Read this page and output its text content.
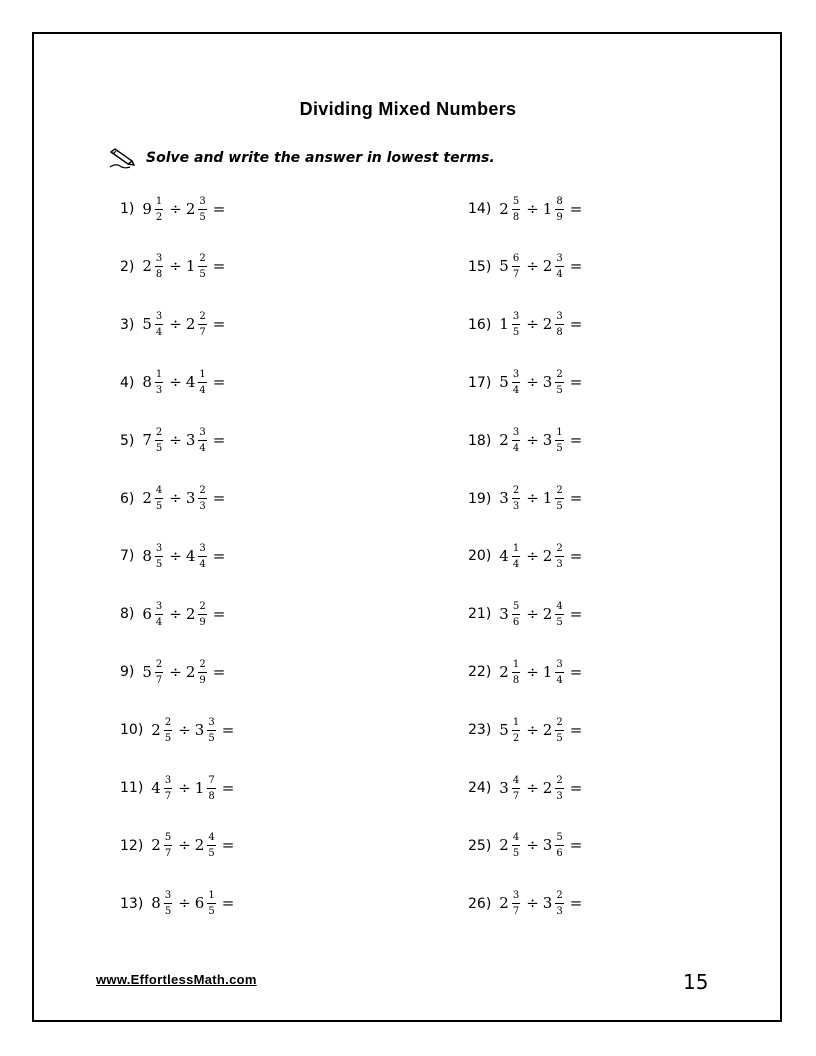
Dividing Mixed Numbers
Solve and write the answer in lowest terms.
1) $9 \frac{1}{2} \div 2 \frac{3}{5}$ =
2) $2 \frac{3}{8} \div 1 \frac{2}{5}$ =
3) $5 \frac{3}{4} \div 2 \frac{2}{7}$ =
4) $8 \frac{1}{3} \div 4 \frac{1}{4}$ =
5) $7 \frac{2}{5} \div 3 \frac{3}{4}$ =
6) $2 \frac{4}{5} \div 3 \frac{2}{3}$ =
7) $8 \frac{3}{5} \div 4 \frac{3}{4}$ =
8) $6 \frac{3}{4} \div 2 \frac{2}{9}$ =
9) $5 \frac{2}{7} \div 2 \frac{2}{9}$ =
10) $2 \frac{2}{5} \div 3 \frac{3}{5}$ =
11) $4 \frac{3}{7} \div 1 \frac{7}{8}$ =
12) $2 \frac{5}{7} \div 2 \frac{4}{5}$ =
13) $8 \frac{3}{5} \div 6 \frac{1}{5}$ =
14) $2 \frac{5}{8} \div 1 \frac{8}{9}$ =
15) $5 \frac{6}{7} \div 2 \frac{3}{4}$ =
16) $1 \frac{3}{5} \div 2 \frac{3}{8}$ =
17) $5 \frac{3}{4} \div 3 \frac{2}{5}$ =
18) $2 \frac{3}{4} \div 3 \frac{1}{5}$ =
19) $3 \frac{2}{3} \div 1 \frac{2}{5}$ =
20) $4 \frac{1}{4} \div 2 \frac{2}{3}$ =
21) $3 \frac{5}{6} \div 2 \frac{4}{5}$ =
22) $2 \frac{1}{8} \div 1 \frac{3}{4}$ =
23) $5 \frac{1}{2} \div 2 \frac{2}{5}$ =
24) $3 \frac{4}{7} \div 2 \frac{2}{3}$ =
25) $2 \frac{4}{5} \div 3 \frac{5}{6}$ =
26) $2 \frac{3}{7} \div 3 \frac{2}{3}$ =
www.EffortlessMath.com	15
